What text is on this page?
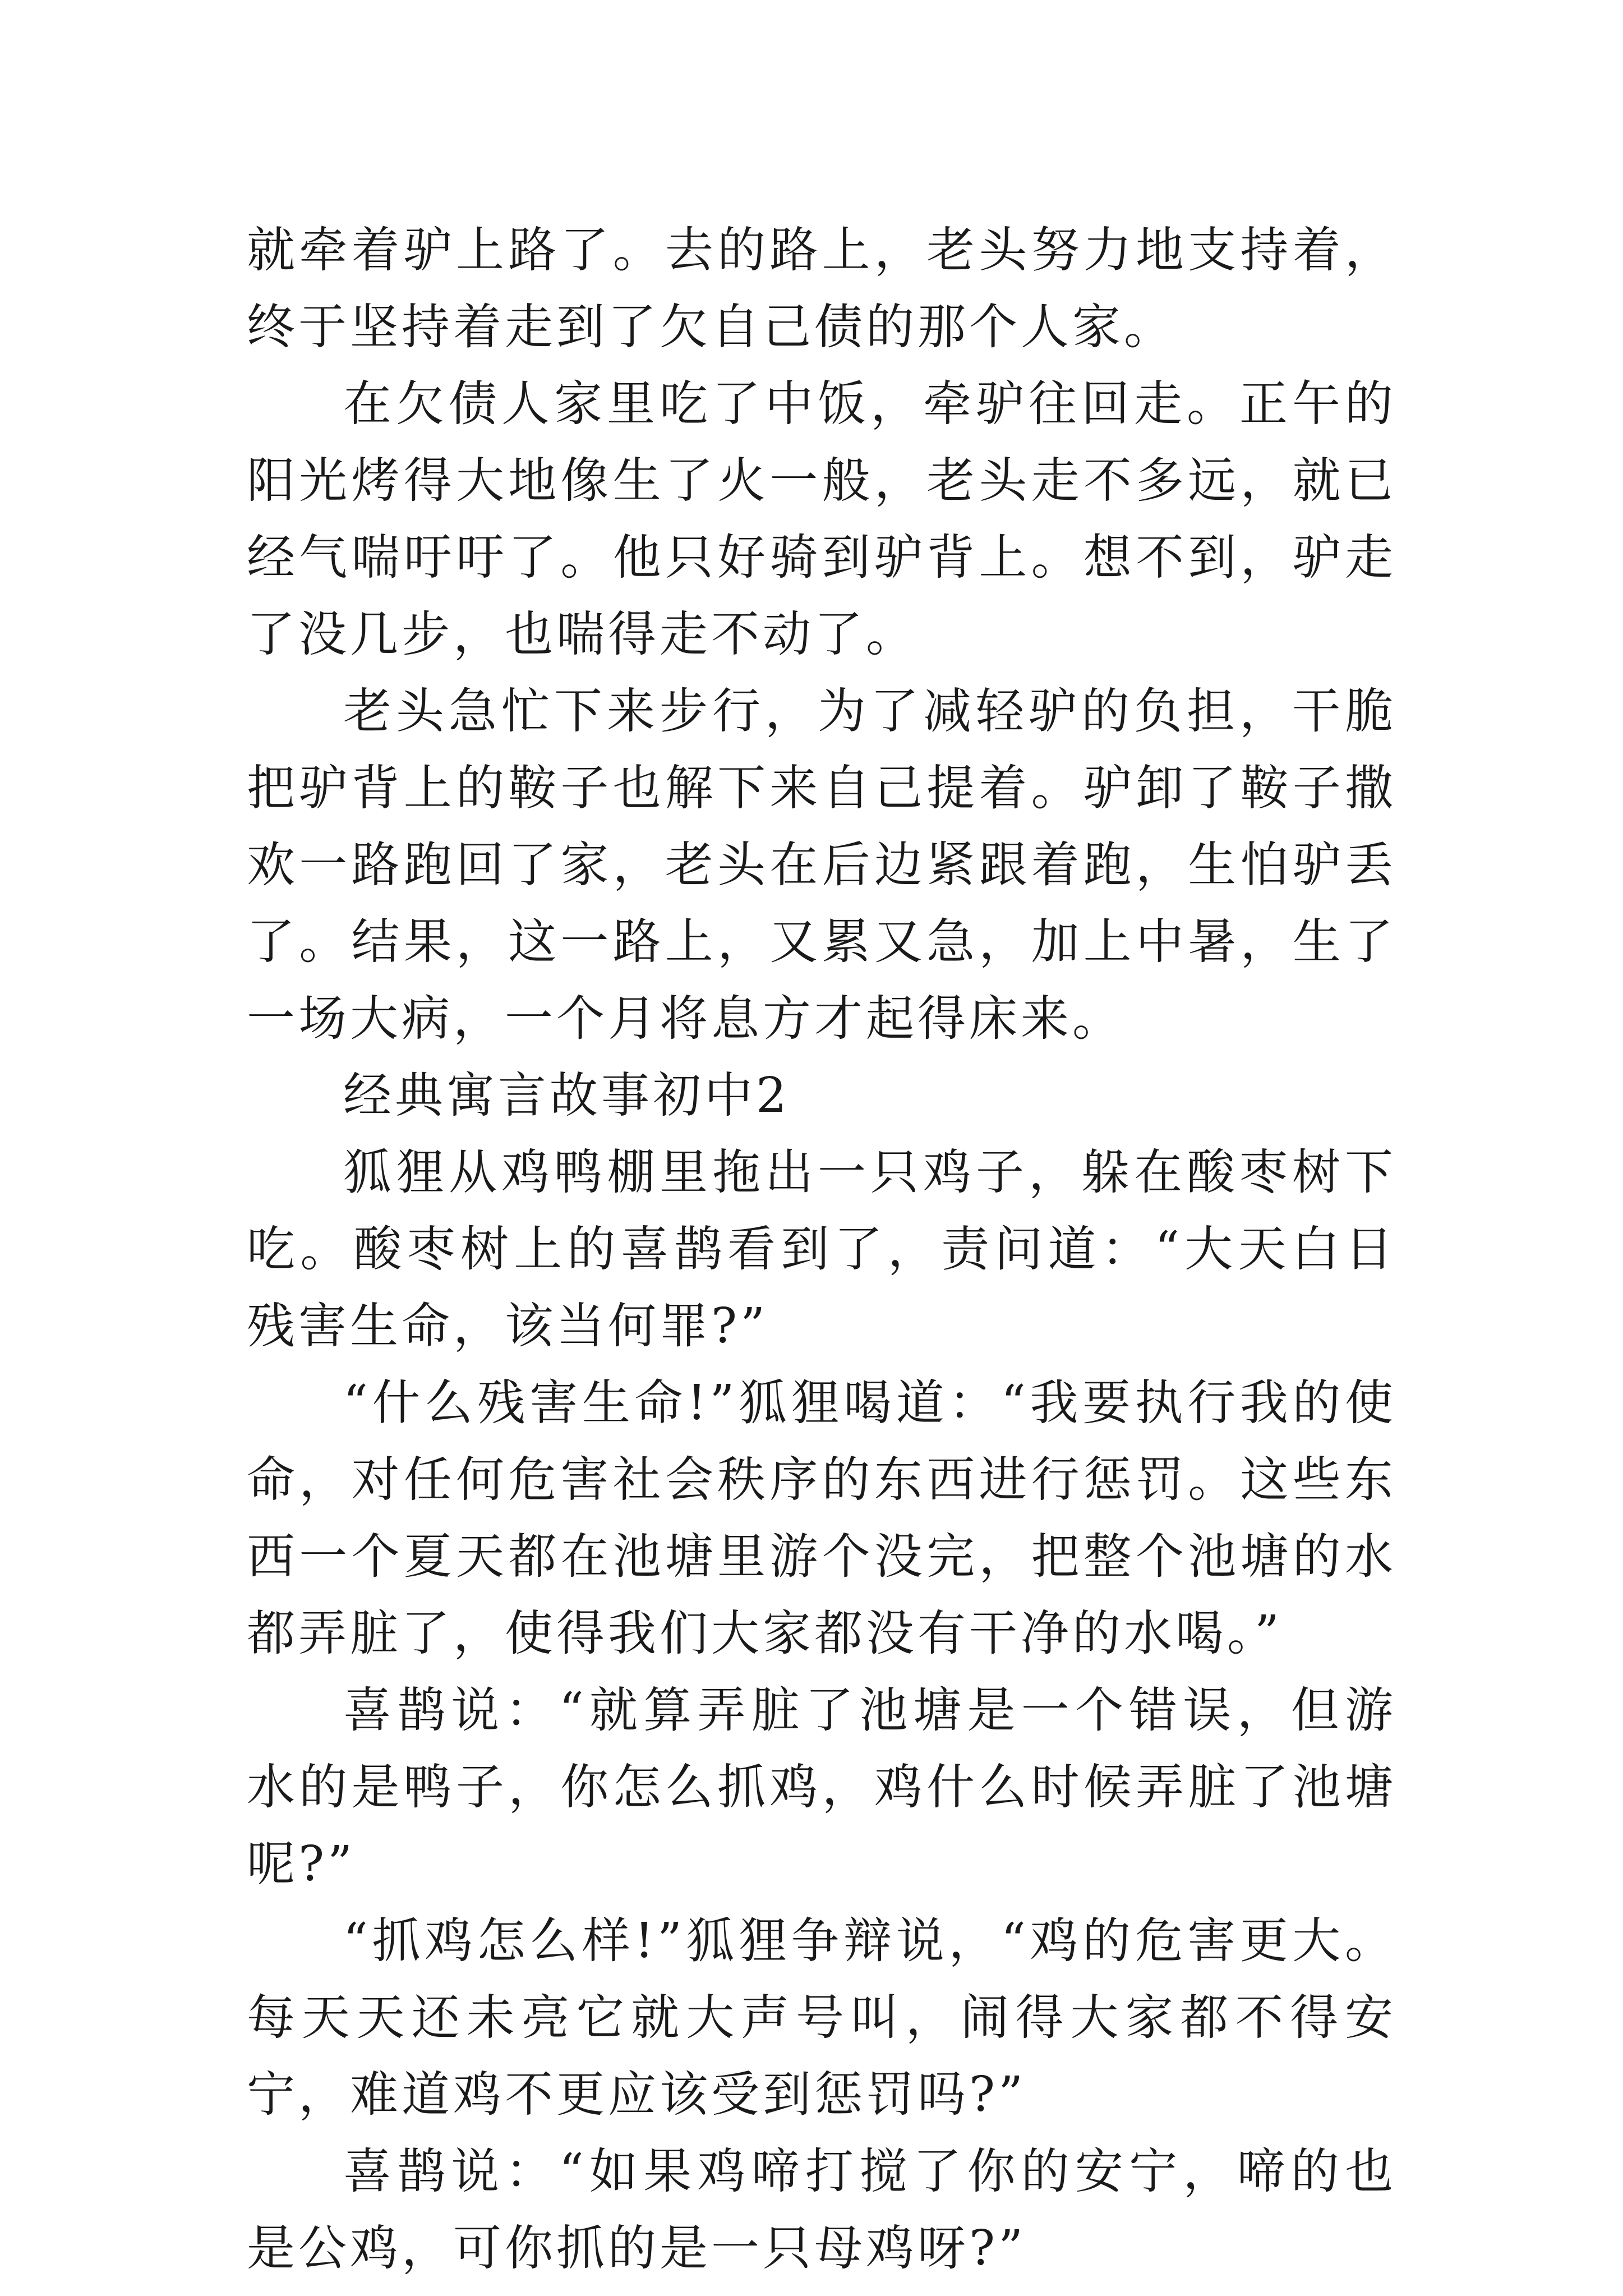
就牵着驴上路了。去的路上，老头努力地支持着，终于坚持着走到了欠自己债的那个人家。

在欠债人家里吃了中饭，牵驴往回走。正午的阳光烤得大地像生了火一般，老头走不多远，就已经气喘吁吁了。他只好骑到驴背上。想不到，驴走了没几步，也喘得走不动了。

老头急忙下来步行，为了减轻驴的负担，干脆把驴背上的鞍子也解下来自己提着。驴卸了鞍子撒欢一路跑回了家，老头在后边紧跟着跑，生怕驴丢了。结果，这一路上，又累又急，加上中暑，生了一场大病，一个月将息方才起得床来。

经典寓言故事初中2

狐狸从鸡鸭棚里拖出一只鸡子，躲在酸枣树下吃。酸枣树上的喜鹊看到了，责问道：“大天白日残害生命，该当何罪?”

“什么残害生命!”狐狸喝道：“我要执行我的使命，对任何危害社会秩序的东西进行惩罚。这些东西一个夏天都在池塘里游个没完，把整个池塘的水都弄脏了，使得我们大家都没有干净的水喝。”

喜鹊说：“就算弄脏了池塘是一个错误，但游水的是鸭子，你怎么抓鸡，鸡什么时候弄脏了池塘呢?”

“抓鸡怎么样!”狐狸争辩说，“鸡的危害更大。每天天还未亮它就大声号叫，闹得大家都不得安宁，难道鸡不更应该受到惩罚吗?”

喜鹊说：“如果鸡啼打搅了你的安宁，啼的也是公鸡，可你抓的是一只母鸡呀?”
